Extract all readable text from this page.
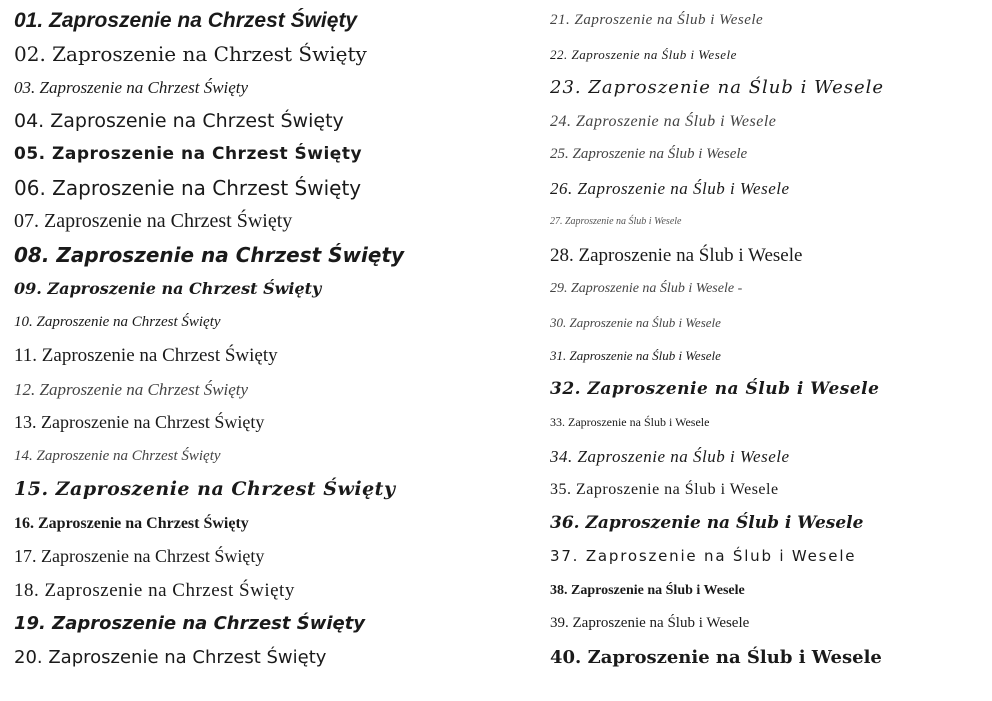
01. Zaproszenie na Chrzest Święty
02. Zaproszenie na Chrzest Święty
03. Zaproszenie na Chrzest Święty
04. Zaproszenie na Chrzest Święty
05. Zaproszenie na Chrzest Święty
06. Zaproszenie na Chrzest Święty
07. Zaproszenie na Chrzest Święty
08. Zaproszenie na Chrzest Święty
09. Zaproszenie na Chrzest Święty
10. Zaproszenie na Chrzest Święty
11. Zaproszenie na Chrzest Święty
12. Zaproszenie na Chrzest Święty
13. Zaproszenie na Chrzest Święty
14. Zaproszenie na Chrzest Święty
15. Zaproszenie na Chrzest Święty
16. Zaproszenie na Chrzest Święty
17. Zaproszenie na Chrzest Święty
18. Zaproszenie na Chrzest Święty
19. Zaproszenie na Chrzest Święty
20. Zaproszenie na Chrzest Święty
21. Zaproszenie na Ślub i Wesele
22. Zaproszenie na Ślub i Wesele
23. Zaproszenie na Ślub i Wesele
24. Zaproszenie na Ślub i Wesele
25. Zaproszenie na Ślub i Wesele
26. Zaproszenie na Ślub i Wesele
27. Zaproszenie na Ślub i Wesele
28. Zaproszenie na Ślub i Wesele
29. Zaproszenie na Ślub i Wesele -
30. Zaproszenie na Ślub i Wesele
31. Zaproszenie na Ślub i Wesele
32. Zaproszenie na Ślub i Wesele
33. Zaproszenie na Ślub i Wesele
34. Zaproszenie na Ślub i Wesele
35. Zaproszenie na Ślub i Wesele
36. Zaproszenie na Ślub i Wesele
37. Zaproszenie na Ślub i Wesele
38. Zaproszenie na Ślub i Wesele
39. Zaproszenie na Ślub i Wesele
40. Zaproszenie na Ślub i Wesele
